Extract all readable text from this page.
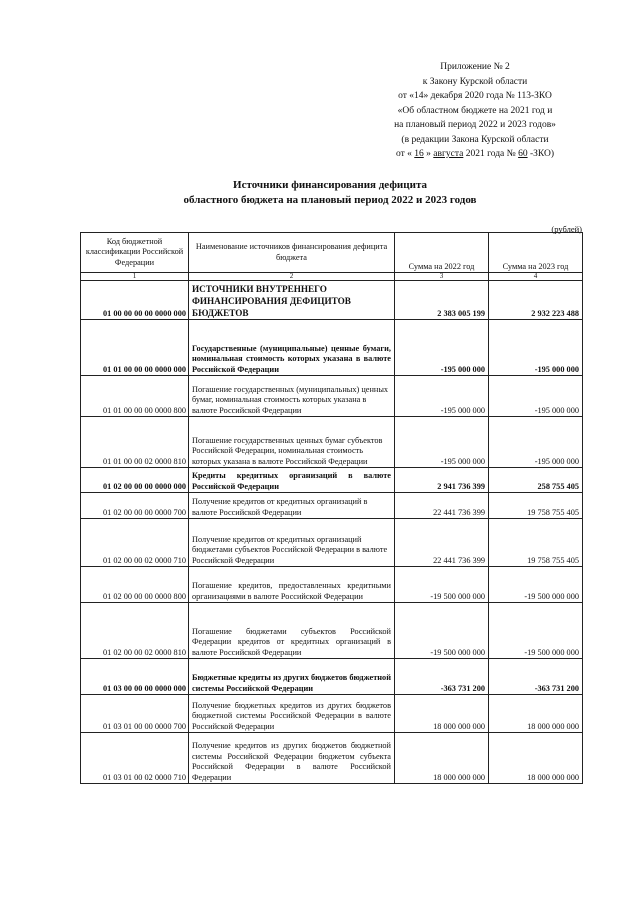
Приложение № 2
к Закону Курской области
от «14» декабря 2020 года № 113-ЗКО
«Об областном бюджете на 2021 год и
на плановый период 2022 и 2023 годов»
(в редакции Закона Курской области
от « 16 » августа 2021 года № 60 -ЗКО)
Источники финансирования дефицита
областного бюджета на плановый период 2022 и 2023 годов
(рублей)
Код бюджетной классификации Российской Федерации	Наименование источников финансирования дефицита бюджета	Сумма на 2022 год	Сумма на 2023 год
1	2	3	4
01 00 00 00 00 0000 000	ИСТОЧНИКИ ВНУТРЕННЕГО ФИНАНСИРОВАНИЯ ДЕФИЦИТОВ БЮДЖЕТОВ	2 383 005 199	2 932 223 488
01 01 00 00 00 0000 000	Государственные (муниципальные) ценные бумаги, номинальная стоимость которых указана в валюте Российской Федерации	-195 000 000	-195 000 000
01 01 00 00 00 0000 800	Погашение государственных (муниципальных) ценных бумаг, номинальная стоимость которых указана в валюте Российской Федерации	-195 000 000	-195 000 000
01 01 00 00 02 0000 810	Погашение государственных ценных бумаг субъектов Российской Федерации, номинальная стоимость которых указана в валюте Российской Федерации	-195 000 000	-195 000 000
01 02 00 00 00 0000 000	Кредиты кредитных организаций в валюте Российской Федерации	2 941 736 399	258 755 405
01 02 00 00 00 0000 700	Получение кредитов от кредитных организаций в валюте Российской Федерации	22 441 736 399	19 758 755 405
01 02 00 00 02 0000 710	Получение кредитов от кредитных организаций бюджетами субъектов Российской Федерации в валюте Российской Федерации	22 441 736 399	19 758 755 405
01 02 00 00 00 0000 800	Погашение кредитов, предоставленных кредитными организациями в валюте Российской Федерации	-19 500 000 000	-19 500 000 000
01 02 00 00 02 0000 810	Погашение бюджетами субъектов Российской Федерации кредитов от кредитных организаций в валюте Российской Федерации	-19 500 000 000	-19 500 000 000
01 03 00 00 00 0000 000	Бюджетные кредиты из других бюджетов бюджетной системы Российской Федерации	-363 731 200	-363 731 200
01 03 01 00 00 0000 700	Получение бюджетных кредитов из других бюджетов бюджетной системы Российской Федерации в валюте Российской Федерации	18 000 000 000	18 000 000 000
01 03 01 00 02 0000 710	Получение кредитов из других бюджетов бюджетной системы Российской Федерации бюджетом субъекта Российской Федерации в валюте Российской Федерации	18 000 000 000	18 000 000 000
